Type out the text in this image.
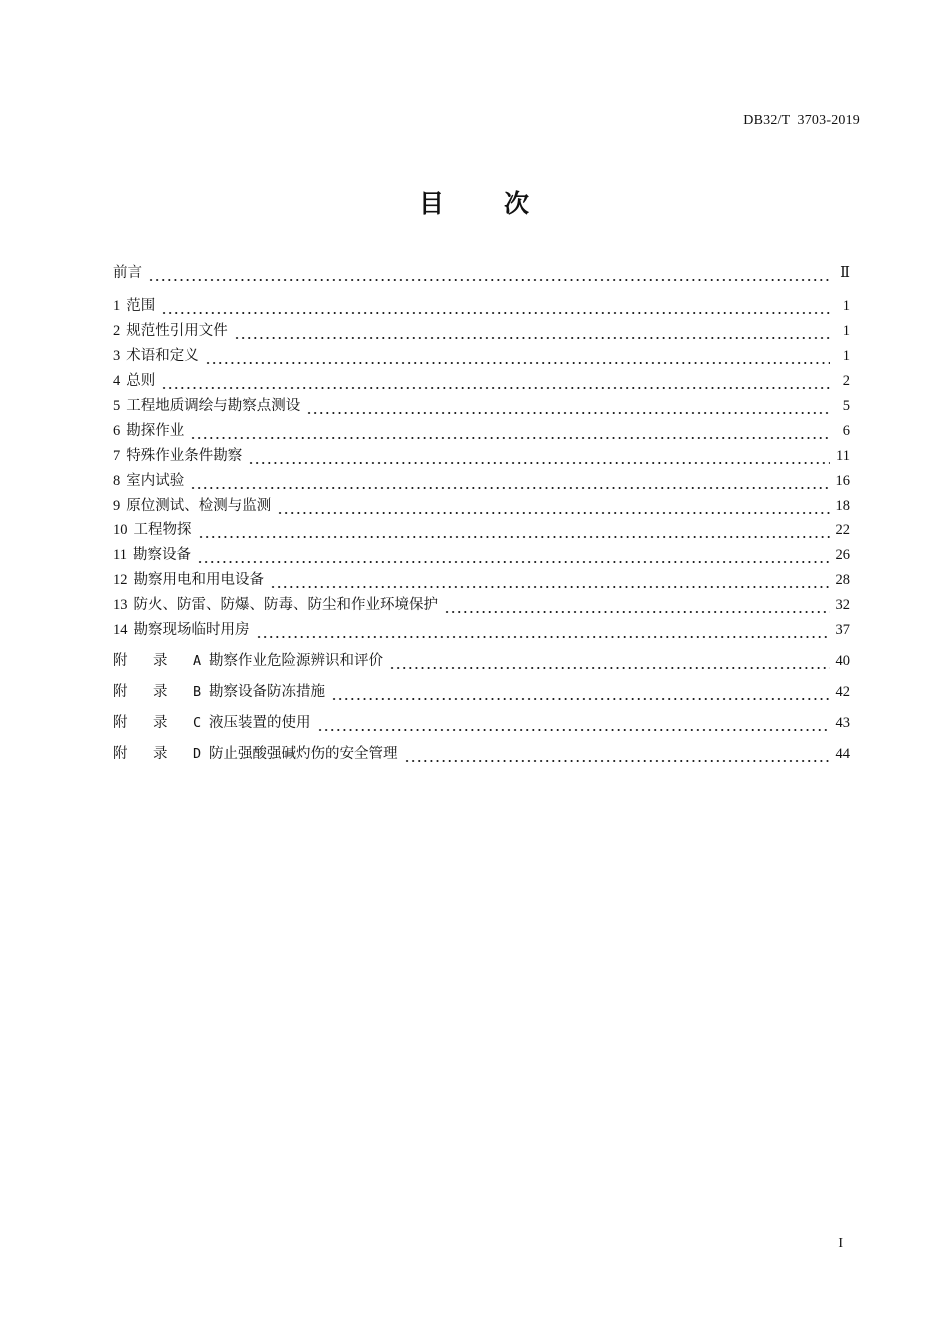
DB32/T  3703-2019
目 次
前言	Ⅱ
1 范围	1
2 规范性引用文件	1
3 术语和定义	1
4 总则	2
5 工程地质调绘与勘察点测设	5
6 勘探作业	6
7 特殊作业条件勘察	11
8 室内试验	16
9 原位测试、检测与监测	18
10 工程物探	22
11 勘察设备	26
12 勘察用电和用电设备	28
13 防火、防雷、防爆、防毒、防尘和作业环境保护	32
14 勘察现场临时用房	37
附	录	A 勘察作业危险源辨识和评价	40
附	录	B 勘察设备防冻措施	42
附	录	C 液压装置的使用	43
附	录	D 防止强酸强碱灼伤的安全管理	44
I
